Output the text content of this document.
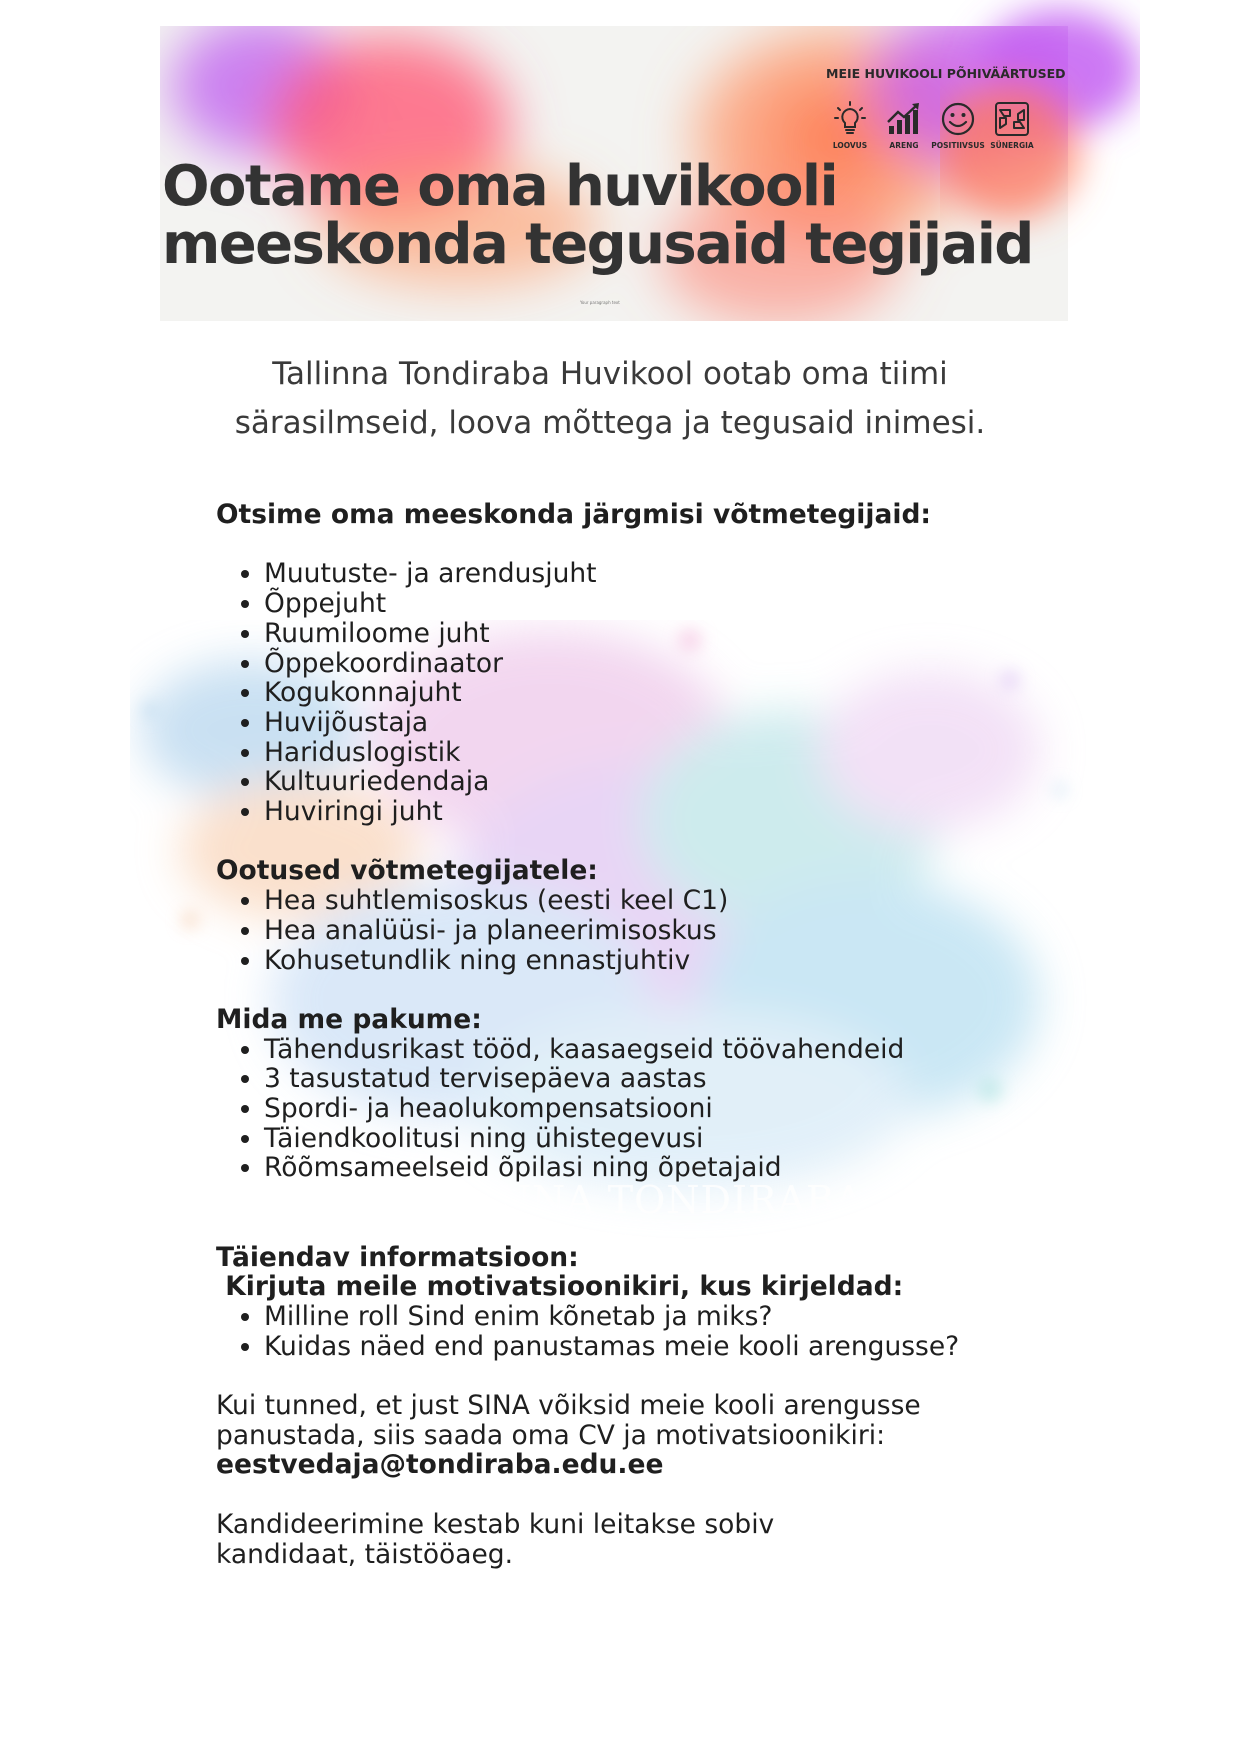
MEIE HUVIKOOLI PÕHIVÄÄRTUSED
LOOVUS	ARENG	POSITIIVSUS SÜNERGIA
Ootame oma huvikooli
meeskonda tegusaid tegijaid
Your paragraph text
Tallinna Tondiraba Huvikool ootab oma tiimi
särasilmseid, loova mõttega ja tegusaid inimesi.
TALLINNA TONDIRABA
HUVIKOOL

Otsime oma meeskonda järgmisi võtmetegijaid:

• Muutuste- ja arendusjuht
• Õppejuht
• Ruumiloome juht
• Õppekoordinaator
• Kogukonnajuht
• Huvijõustaja
• Hariduslogistik
• Kultuuriedendaja
• Huviringi juht

Ootused võtmetegijatele:

• Hea suhtlemisoskus (eesti keel C1)
• Hea analüüsi- ja planeerimisoskus
• Kohusetundlik ning ennastjuhtiv

Mida me pakume:

• Tähendusrikast tööd, kaasaegseid töövahendeid
• 3 tasustatud tervisepäeva aastas
• Spordi- ja heaolukompensatsiooni
• Täiendkoolitusi ning ühistegevusi
• Rõõmsameelseid õpilasi ning õpetajaid

Täiendav informatsioon:

Kirjuta meile motivatsioonikiri, kus kirjeldad:

• Milline roll Sind enim kõnetab ja miks?
• Kuidas näed end panustamas meie kooli arengusse?

Kui tunned, et just SINA võiksid meie kooli arengusse

panustada, siis saada oma CV ja motivatsioonikiri:

eestvedaja@tondiraba.edu.ee

Kandideerimine kestab kuni leitakse sobiv

kandidaat, täistööaeg.
